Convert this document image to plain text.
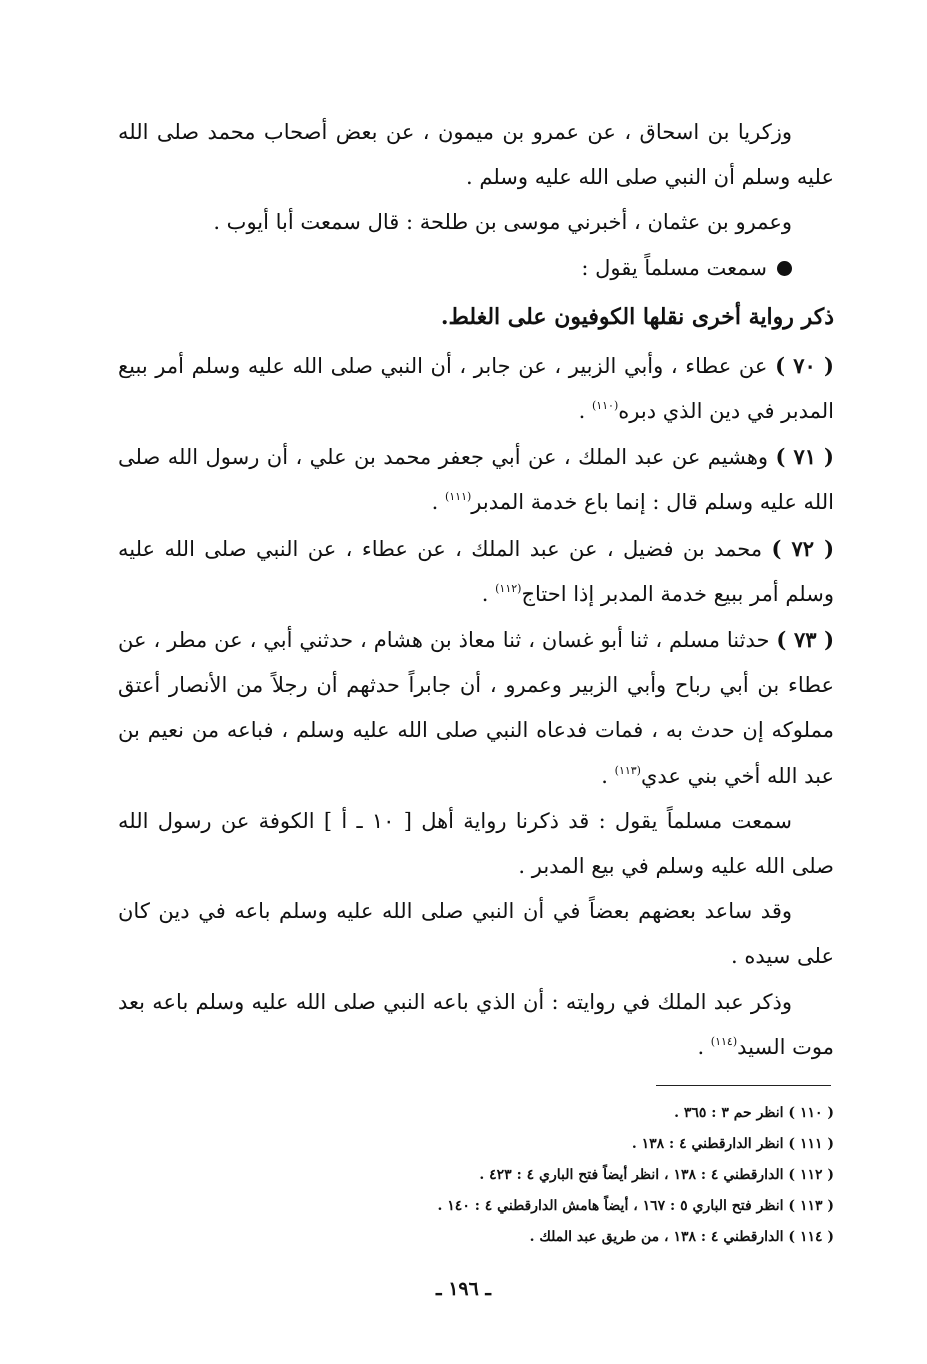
وزكريا بن اسحاق ، عن عمرو بن ميمون ، عن بعض أصحاب محمد صلى الله عليه وسلم أن النبي صلى الله عليه وسلم .

وعمرو بن عثمان ، أخبرني موسى بن طلحة : قال سمعت أبا أيوب .

سمعت مسلماً يقول :

ذكر رواية أخرى نقلها الكوفيون على الغلط.

( ٧٠ ) عن عطاء ، وأبي الزبير ، عن جابر ، أن النبي صلى الله عليه وسلم أمر ببيع المدبر في دين الذي دبره$^{(١١٠)}$ .

( ٧١ ) وهشيم عن عبد الملك ، عن أبي جعفر محمد بن علي ، أن رسول الله صلى الله عليه وسلم قال : إنما باع خدمة المدبر$^{(١١١)}$ .

( ٧٢ ) محمد بن فضيل ، عن عبد الملك ، عن عطاء ، عن النبي صلى الله عليه وسلم أمر ببيع خدمة المدبر إذا احتاج$^{(١١٢)}$ .

( ٧٣ ) حدثنا مسلم ، ثنا أبو غسان ، ثنا معاذ بن هشام ، حدثني أبي ، عن مطر ، عن عطاء بن أبي رباح وأبي الزبير وعمرو ، أن جابراً حدثهم أن رجلاً من الأنصار أعتق مملوكه إن حدث به ، فمات فدعاه النبي صلى الله عليه وسلم ، فباعه من نعيم بن عبد الله أخي بني عدي$^{(١١٣)}$ .

سمعت مسلماً يقول : قد ذكرنا رواية أهل [ ١٠ ـ أ ] الكوفة عن رسول الله صلى الله عليه وسلم في بيع المدبر .

وقد ساعد بعضهم بعضاً في أن النبي صلى الله عليه وسلم باعه في دين كان على سيده .

وذكر عبد الملك في روايته : أن الذي باعه النبي صلى الله عليه وسلم باعه بعد موت السيد$^{(١١٤)}$ .

( ١١٠ ) انظر حم ٣ : ٣٦٥ .
( ١١١ ) انظر الدارقطني ٤ : ١٣٨ .
( ١١٢ ) الدارقطني ٤ : ١٣٨ ، انظر أيضاً فتح الباري ٤ : ٤٢٣ .
( ١١٣ ) انظر فتح الباري ٥ : ١٦٧ ، أيضاً هامش الدارقطني ٤ : ١٤٠ .
( ١١٤ ) الدارقطني ٤ : ١٣٨ ، من طريق عبد الملك .
ـ ١٩٦ ـ
